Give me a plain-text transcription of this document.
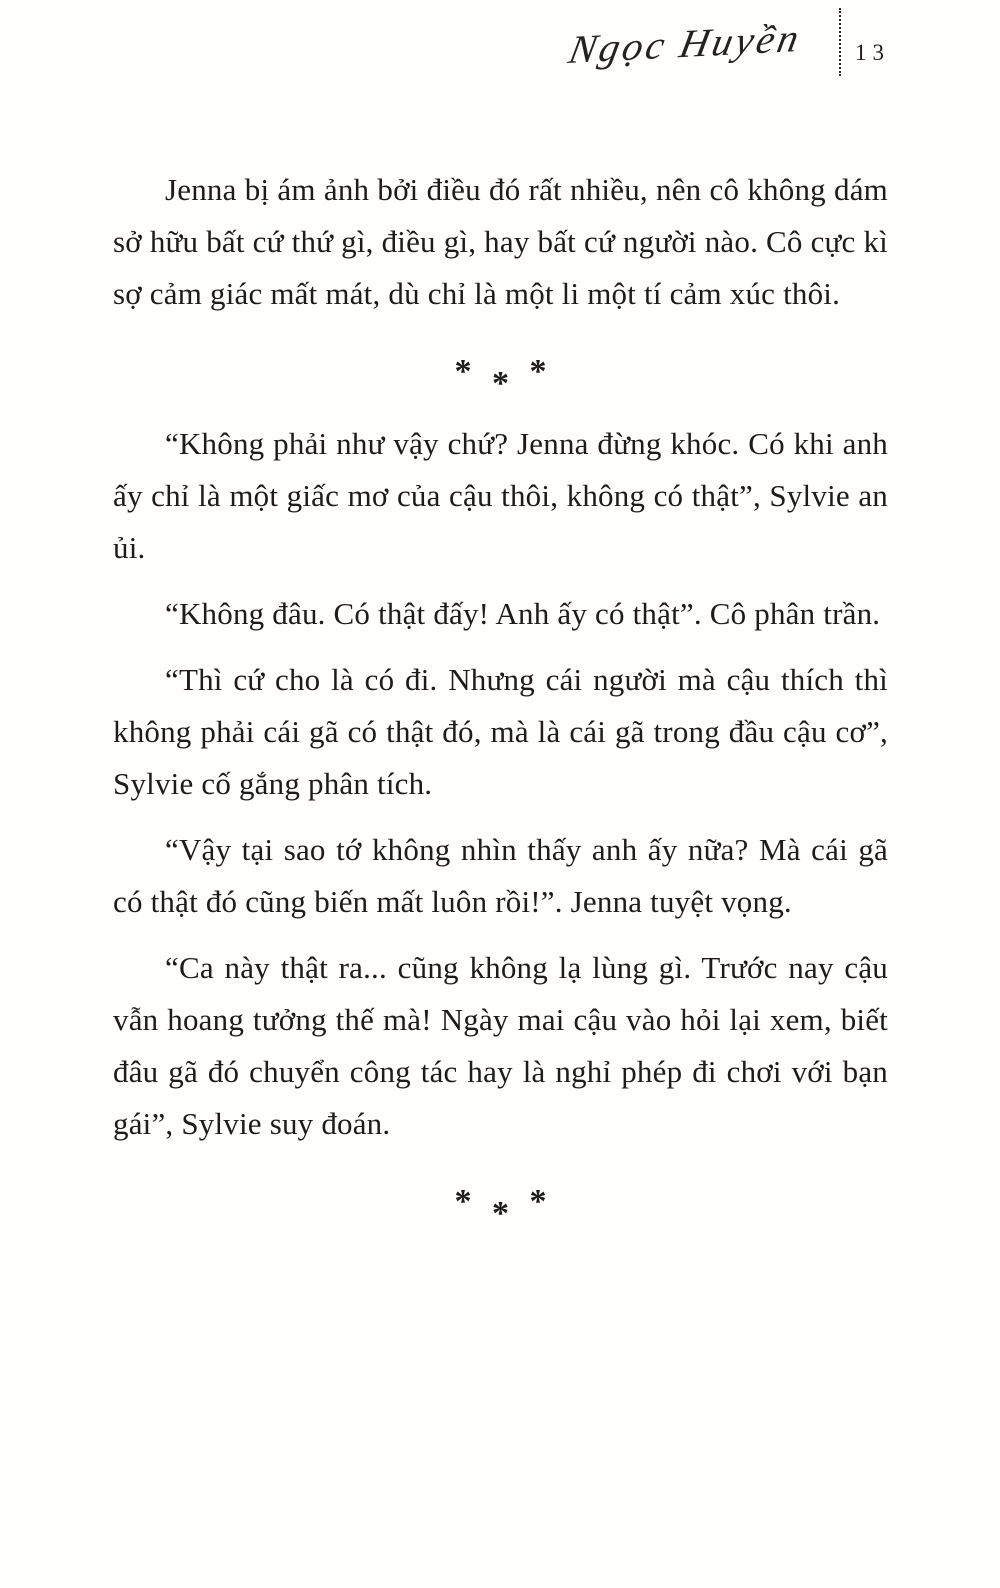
Ngọc Huyền 13

Jenna bị ám ảnh bởi điều đó rất nhiều, nên cô không dám sở hữu bất cứ thứ gì, điều gì, hay bất cứ người nào. Cô cực kì sợ cảm giác mất mát, dù chỉ là một li một tí cảm xúc thôi.

* * *

“Không phải như vậy chứ? Jenna đừng khóc. Có khi anh ấy chỉ là một giấc mơ của cậu thôi, không có thật”, Sylvie an ủi.

“Không đâu. Có thật đấy! Anh ấy có thật”. Cô phân trần.

“Thì cứ cho là có đi. Nhưng cái người mà cậu thích thì không phải cái gã có thật đó, mà là cái gã trong đầu cậu cơ”, Sylvie cố gắng phân tích.

“Vậy tại sao tớ không nhìn thấy anh ấy nữa? Mà cái gã có thật đó cũng biến mất luôn rồi!”. Jenna tuyệt vọng.

“Ca này thật ra... cũng không lạ lùng gì. Trước nay cậu vẫn hoang tưởng thế mà! Ngày mai cậu vào hỏi lại xem, biết đâu gã đó chuyển công tác hay là nghỉ phép đi chơi với bạn gái”, Sylvie suy đoán.

* * *
